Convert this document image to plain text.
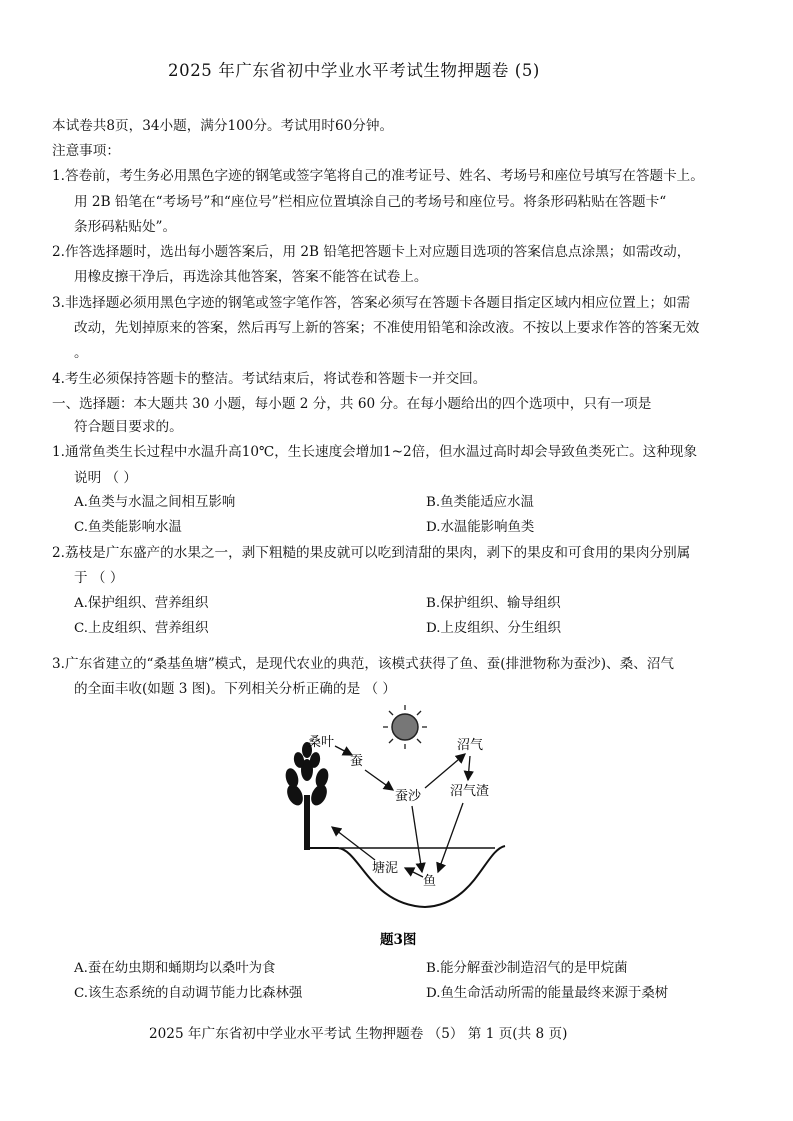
2025 年广东省初中学业水平考试生物押题卷 (5)
本试卷共8页，34小题，满分100分。考试用时60分钟。
注意事项：
1.答卷前，考生务必用黑色字迹的钢笔或签字笔将自己的准考证号、姓名、考场号和座位号填写在答题卡上。
用 2B 铅笔在“考场号”和“座位号”栏相应位置填涂自己的考场号和座位号。将条形码粘贴在答题卡“
条形码粘贴处”。
2.作答选择题时，选出每小题答案后，用 2B 铅笔把答题卡上对应题目选项的答案信息点涂黑；如需改动，
用橡皮擦干净后，再选涂其他答案，答案不能答在试卷上。
3.非选择题必须用黑色字迹的钢笔或签字笔作答，答案必须写在答题卡各题目指定区域内相应位置上；如需
改动，先划掉原来的答案，然后再写上新的答案；不准使用铅笔和涂改液。不按以上要求作答的答案无效
。
4.考生必须保持答题卡的整洁。考试结束后，将试卷和答题卡一并交回。
一、选择题：本大题共 30 小题，每小题 2 分，共 60 分。在每小题给出的四个选项中，只有一项是
符合题目要求的。
1.通常鱼类生长过程中水温升高10℃，生长速度会增加1~2倍，但水温过高时却会导致鱼类死亡。这种现象
说明 （ ）
A.鱼类与水温之间相互影响	B.鱼类能适应水温
C.鱼类能影响水温	D.水温能影响鱼类
2.荔枝是广东盛产的水果之一，剥下粗糙的果皮就可以吃到清甜的果肉，剥下的果皮和可食用的果肉分别属
于 （ ）
A.保护组织、营养组织	B.保护组织、输导组织
C.上皮组织、营养组织	D.上皮组织、分生组织
3.广东省建立的“桑基鱼塘”模式，是现代农业的典范，该模式获得了鱼、蚕(排泄物称为蚕沙)、桑、沼气
的全面丰收(如题 3 图)。下列相关分析正确的是 （ ）
桑叶
蚕
蚕沙
沼气
沼气渣
塘泥
鱼
题3图
A.蚕在幼虫期和蛹期均以桑叶为食	B.能分解蚕沙制造沼气的是甲烷菌
C.该生态系统的自动调节能力比森林强	D.鱼生命活动所需的能量最终来源于桑树
2025 年广东省初中学业水平考试 生物押题卷 （5） 第 1 页(共 8 页)
